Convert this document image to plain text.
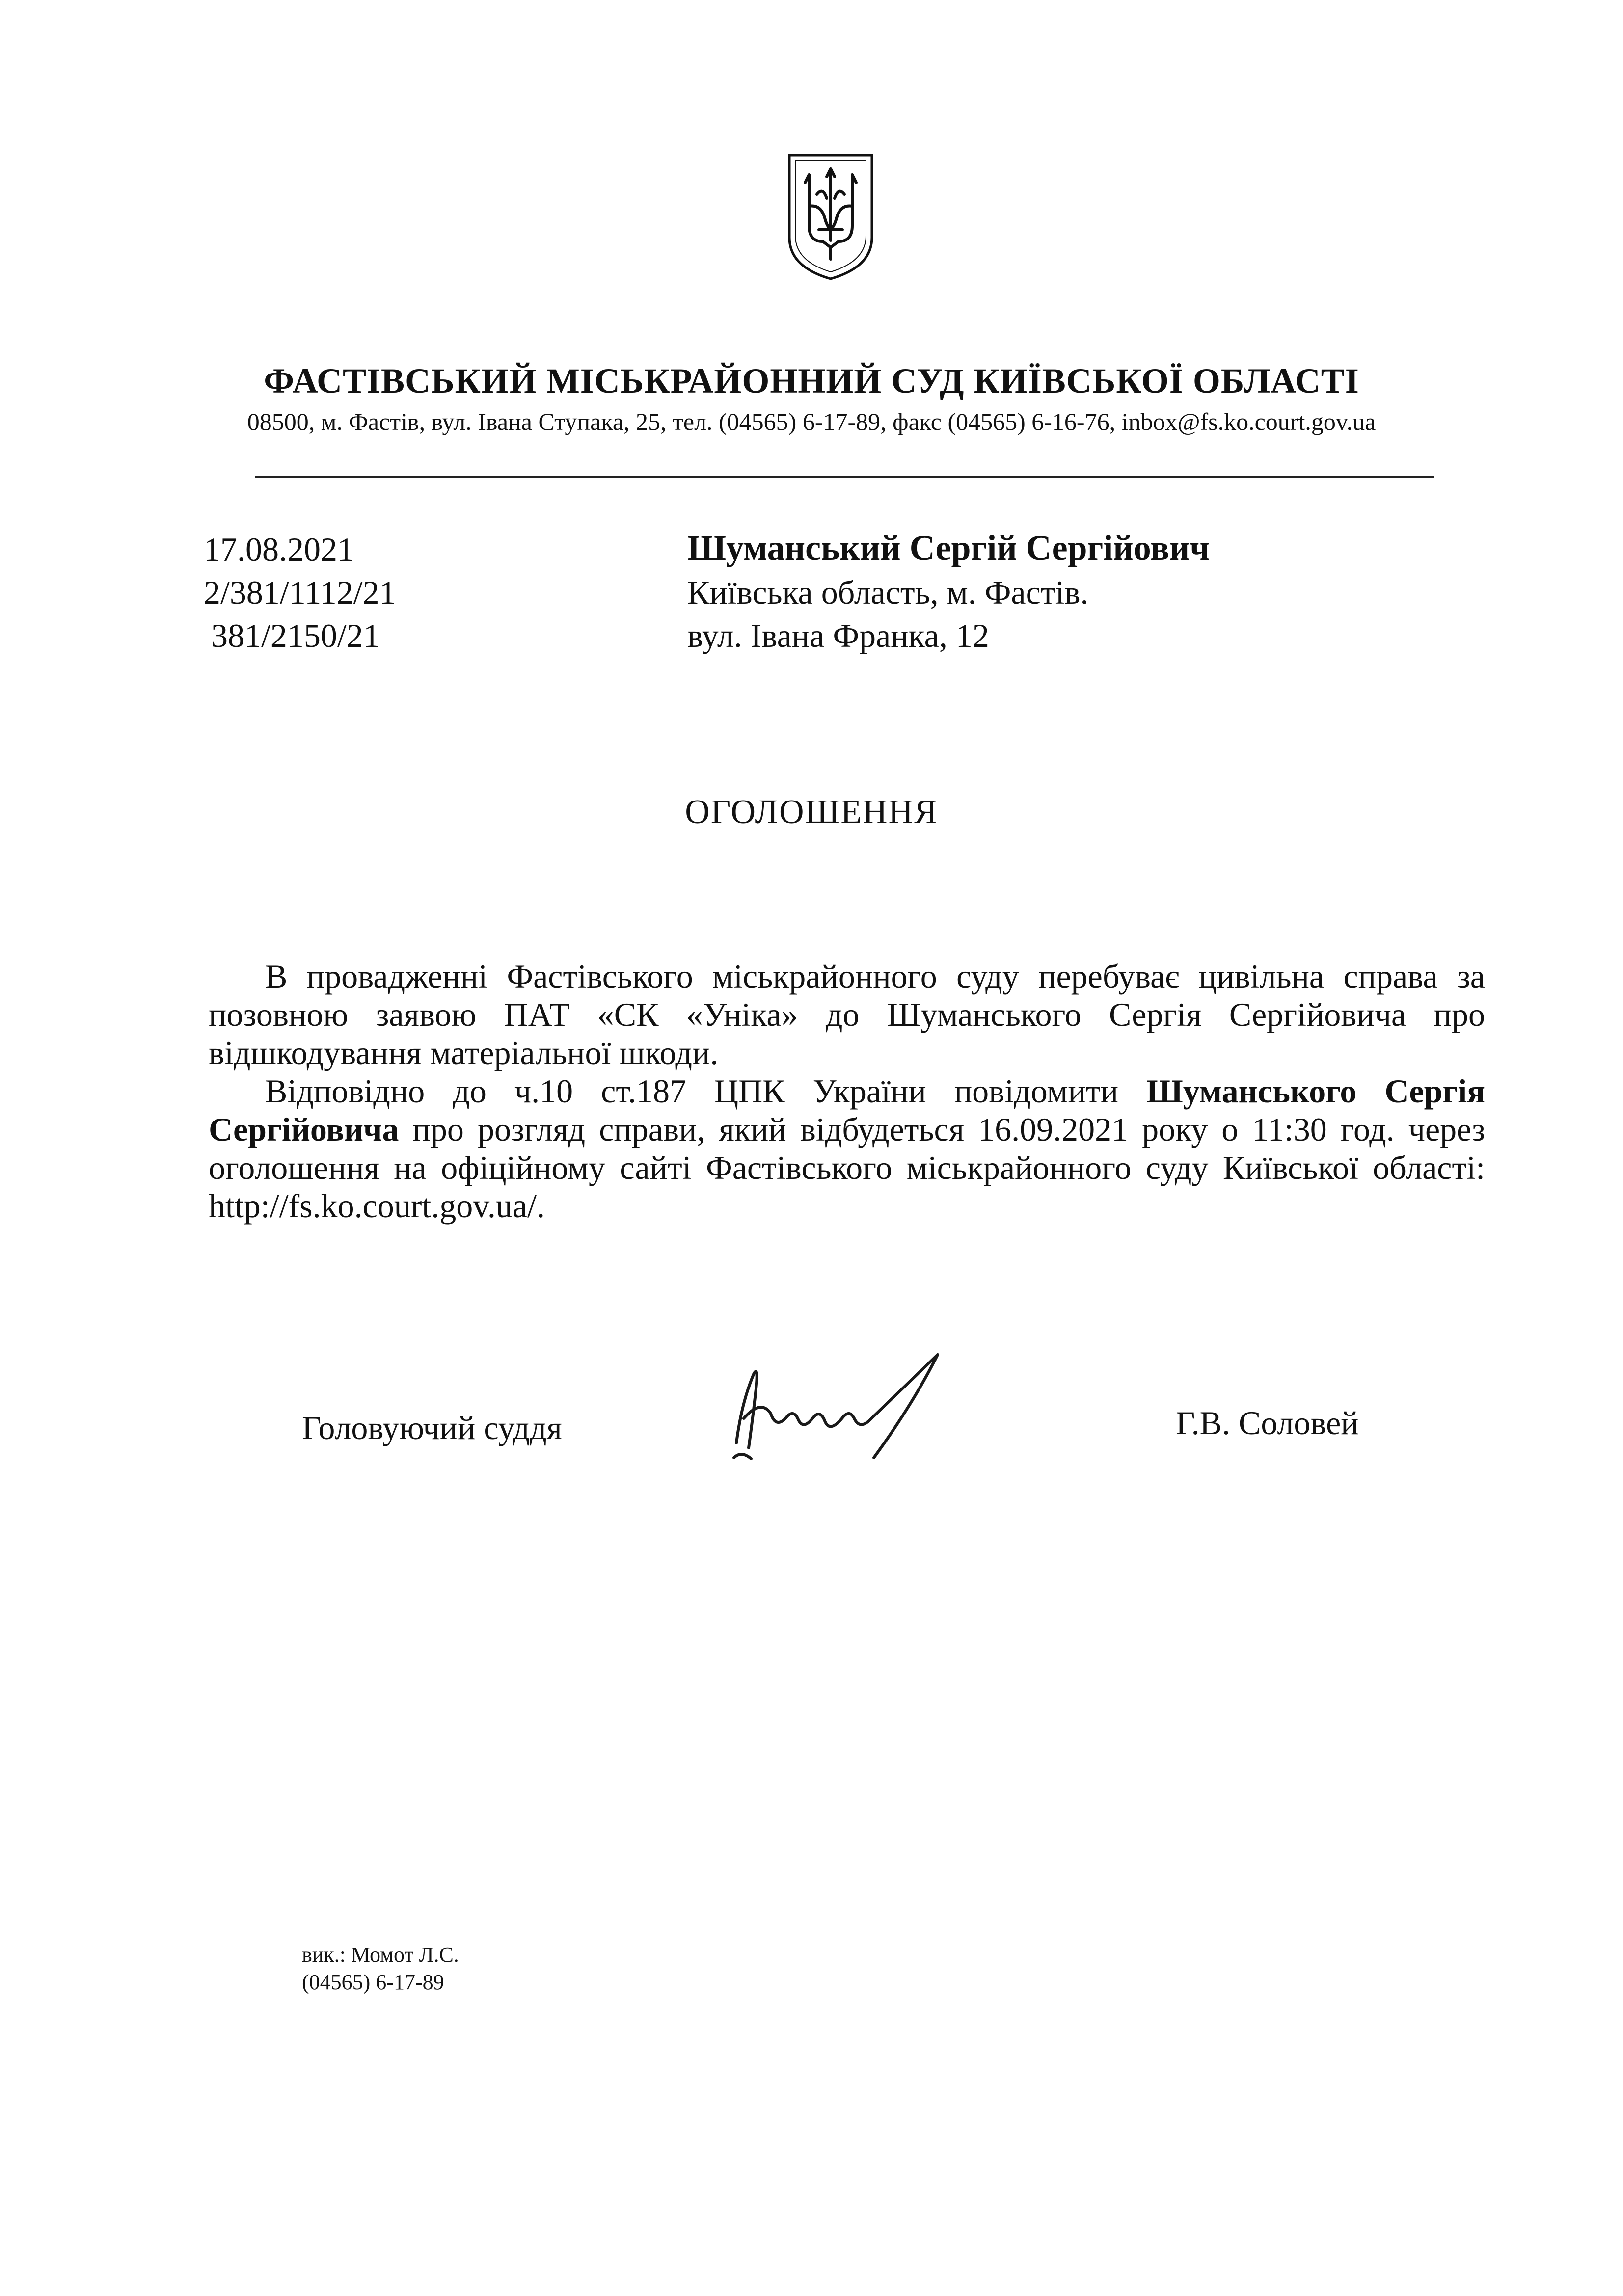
ФАСТІВСЬКИЙ МІСЬКРАЙОННИЙ СУД КИЇВСЬКОЇ ОБЛАСТІ
08500, м. Фастів, вул. Івана Ступака, 25, тел. (04565) 6-17-89, факс (04565) 6-16-76, inbox@fs.ko.court.gov.ua
17.08.2021
2/381/1112/21
381/2150/21
Шуманський Сергій Сергійович
Київська область, м. Фастів.
вул. Івана Франка, 12
ОГОЛОШЕННЯ

В провадженні Фастівського міськрайонного суду перебуває цивільна справа за позовною заявою ПАТ «СК «Уніка» до Шуманського Сергія Сергійовича про відшкодування матеріальної шкоди.

Відповідно до ч.10 ст.187 ЦПК України повідомити Шуманського Сергія Сергійовича про розгляд справи, який відбудеться 16.09.2021 року о 11:30 год. через оголошення на офіційному сайті Фастівського міськрайонного суду Київської області: http://fs.ko.court.gov.ua/.

Головуючий суддя	Г.В. Соловей
вик.: Момот Л.С.
(04565) 6-17-89
